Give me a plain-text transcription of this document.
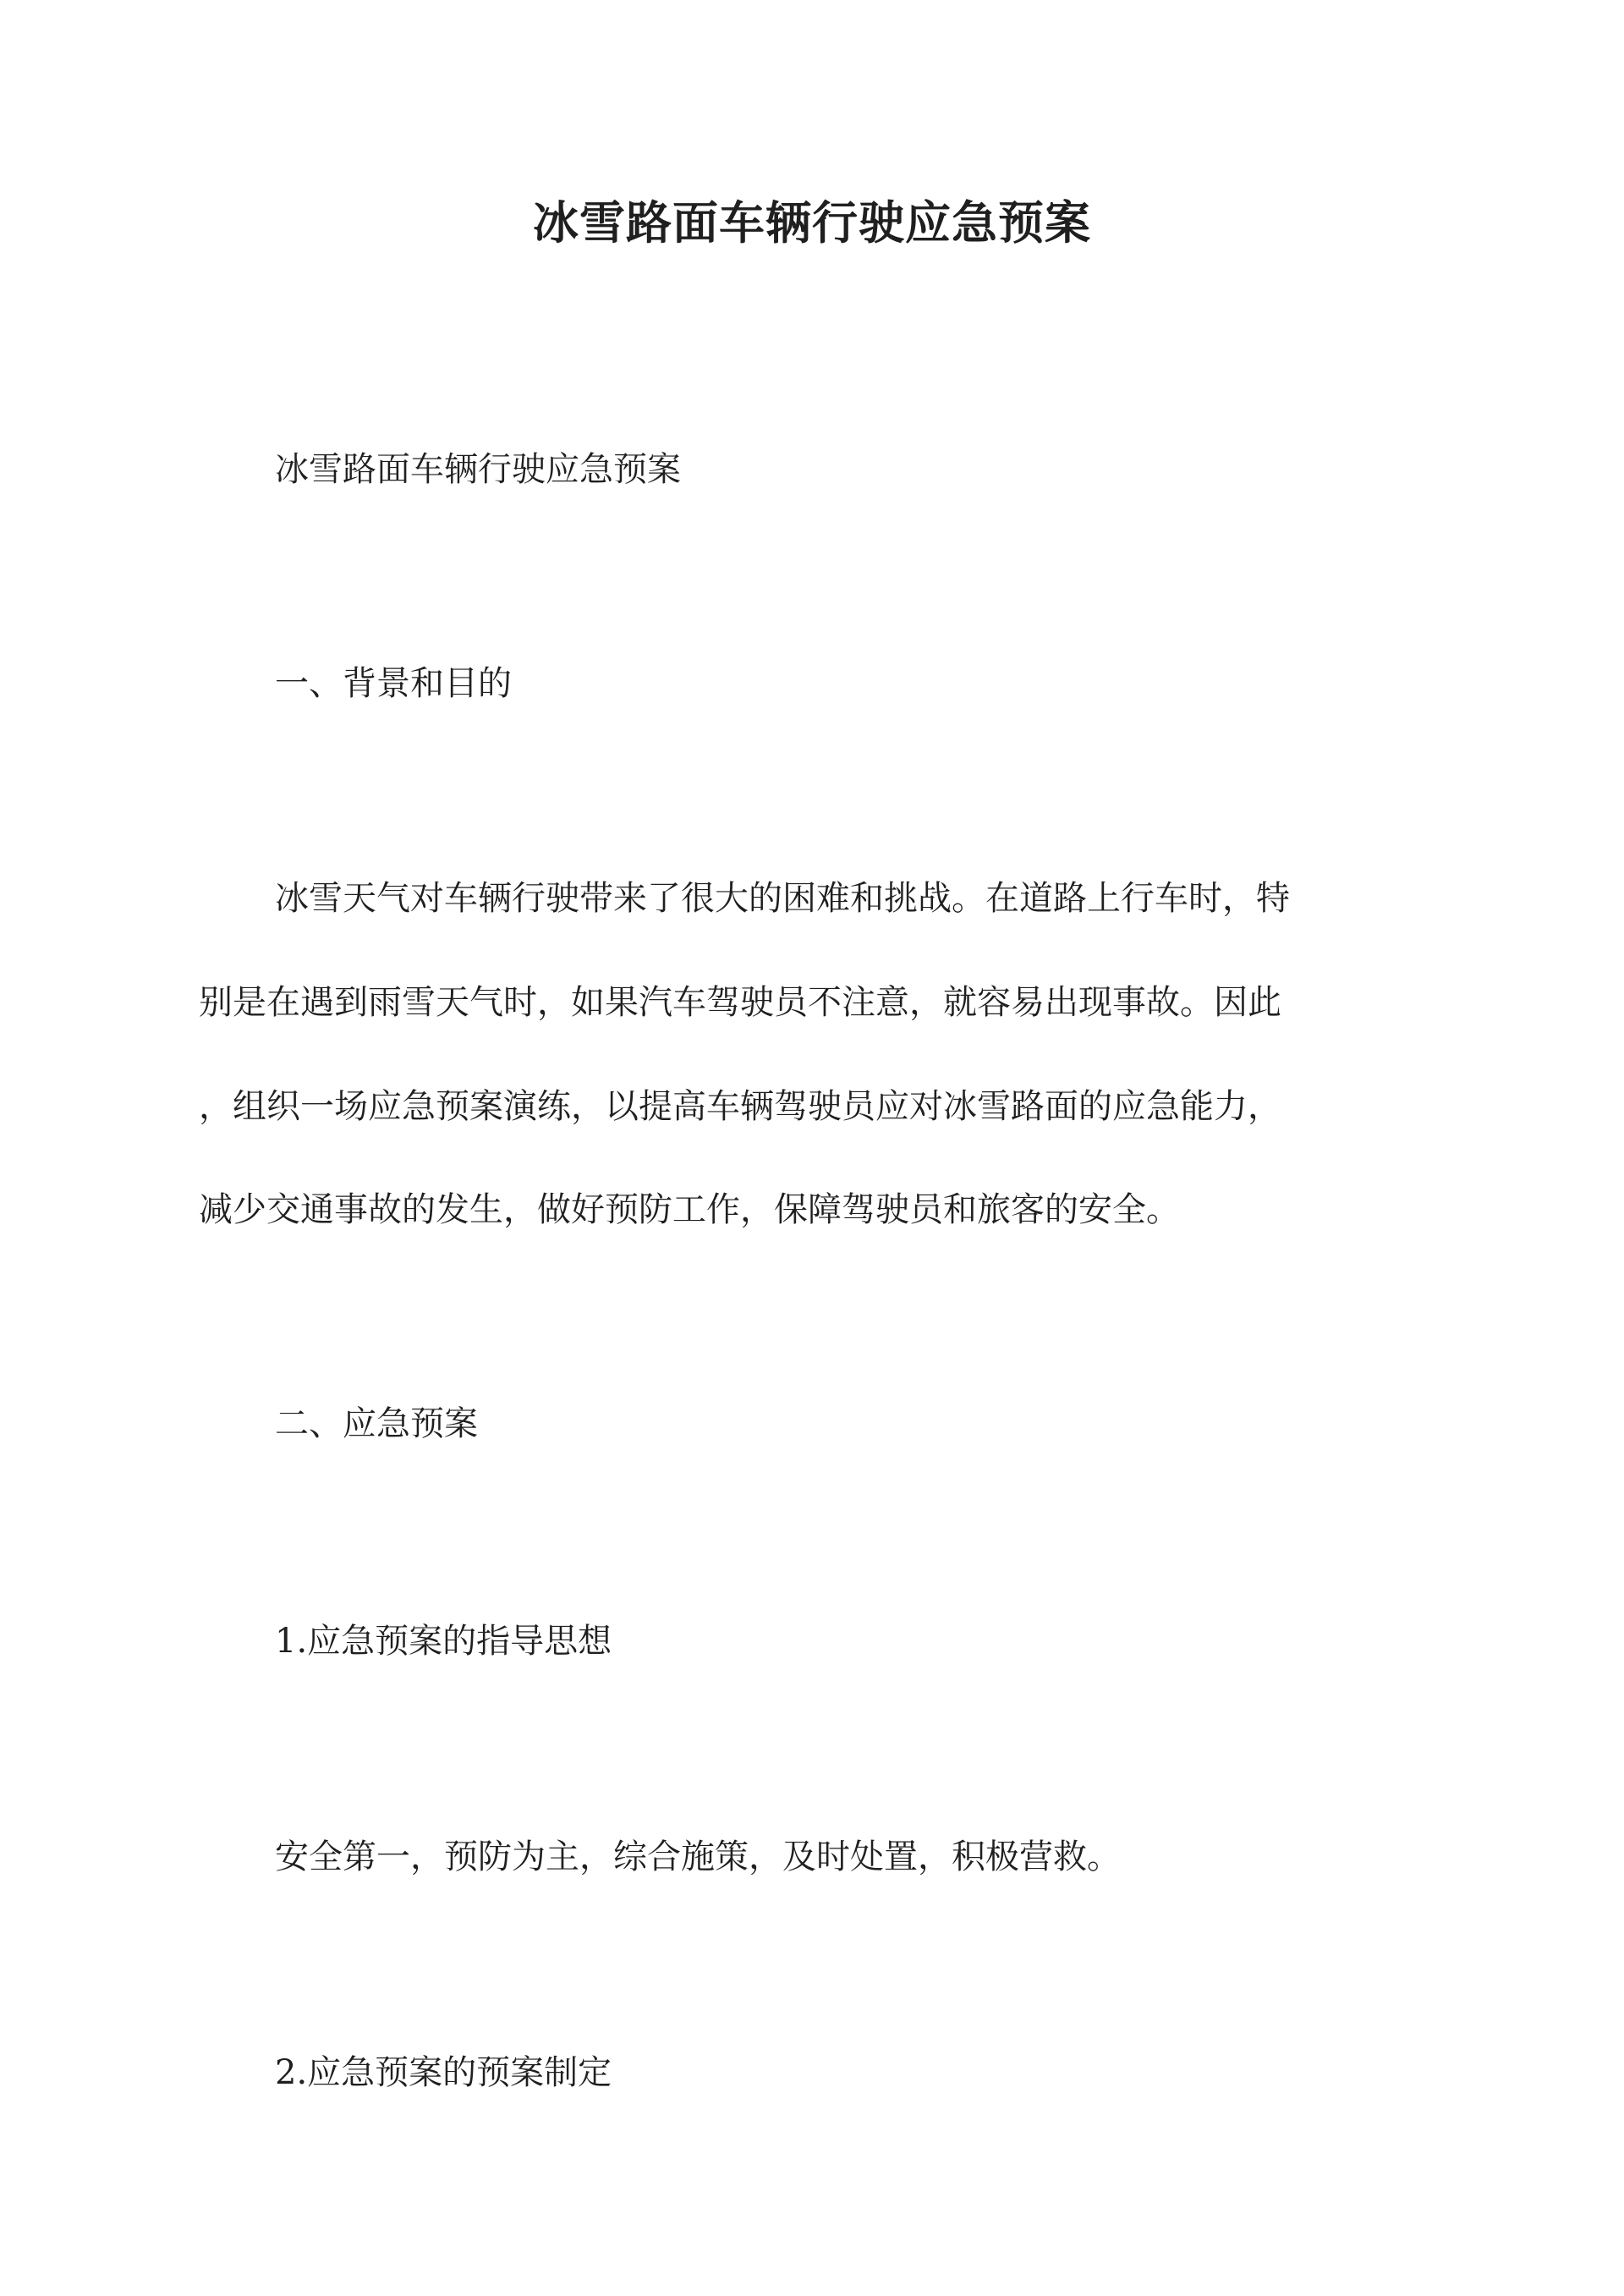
冰雪路面车辆行驶应急预案

冰雪路面车辆行驶应急预案

一、背景和目的

冰雪天气对车辆行驶带来了很大的困难和挑战。在道路上行车时，特

别是在遇到雨雪天气时，如果汽车驾驶员不注意，就容易出现事故。因此

，组织一场应急预案演练，以提高车辆驾驶员应对冰雪路面的应急能力，

减少交通事故的发生，做好预防工作，保障驾驶员和旅客的安全。

二、应急预案

1.应急预案的指导思想

安全第一，预防为主，综合施策，及时处置，积极营救。

2.应急预案的预案制定
